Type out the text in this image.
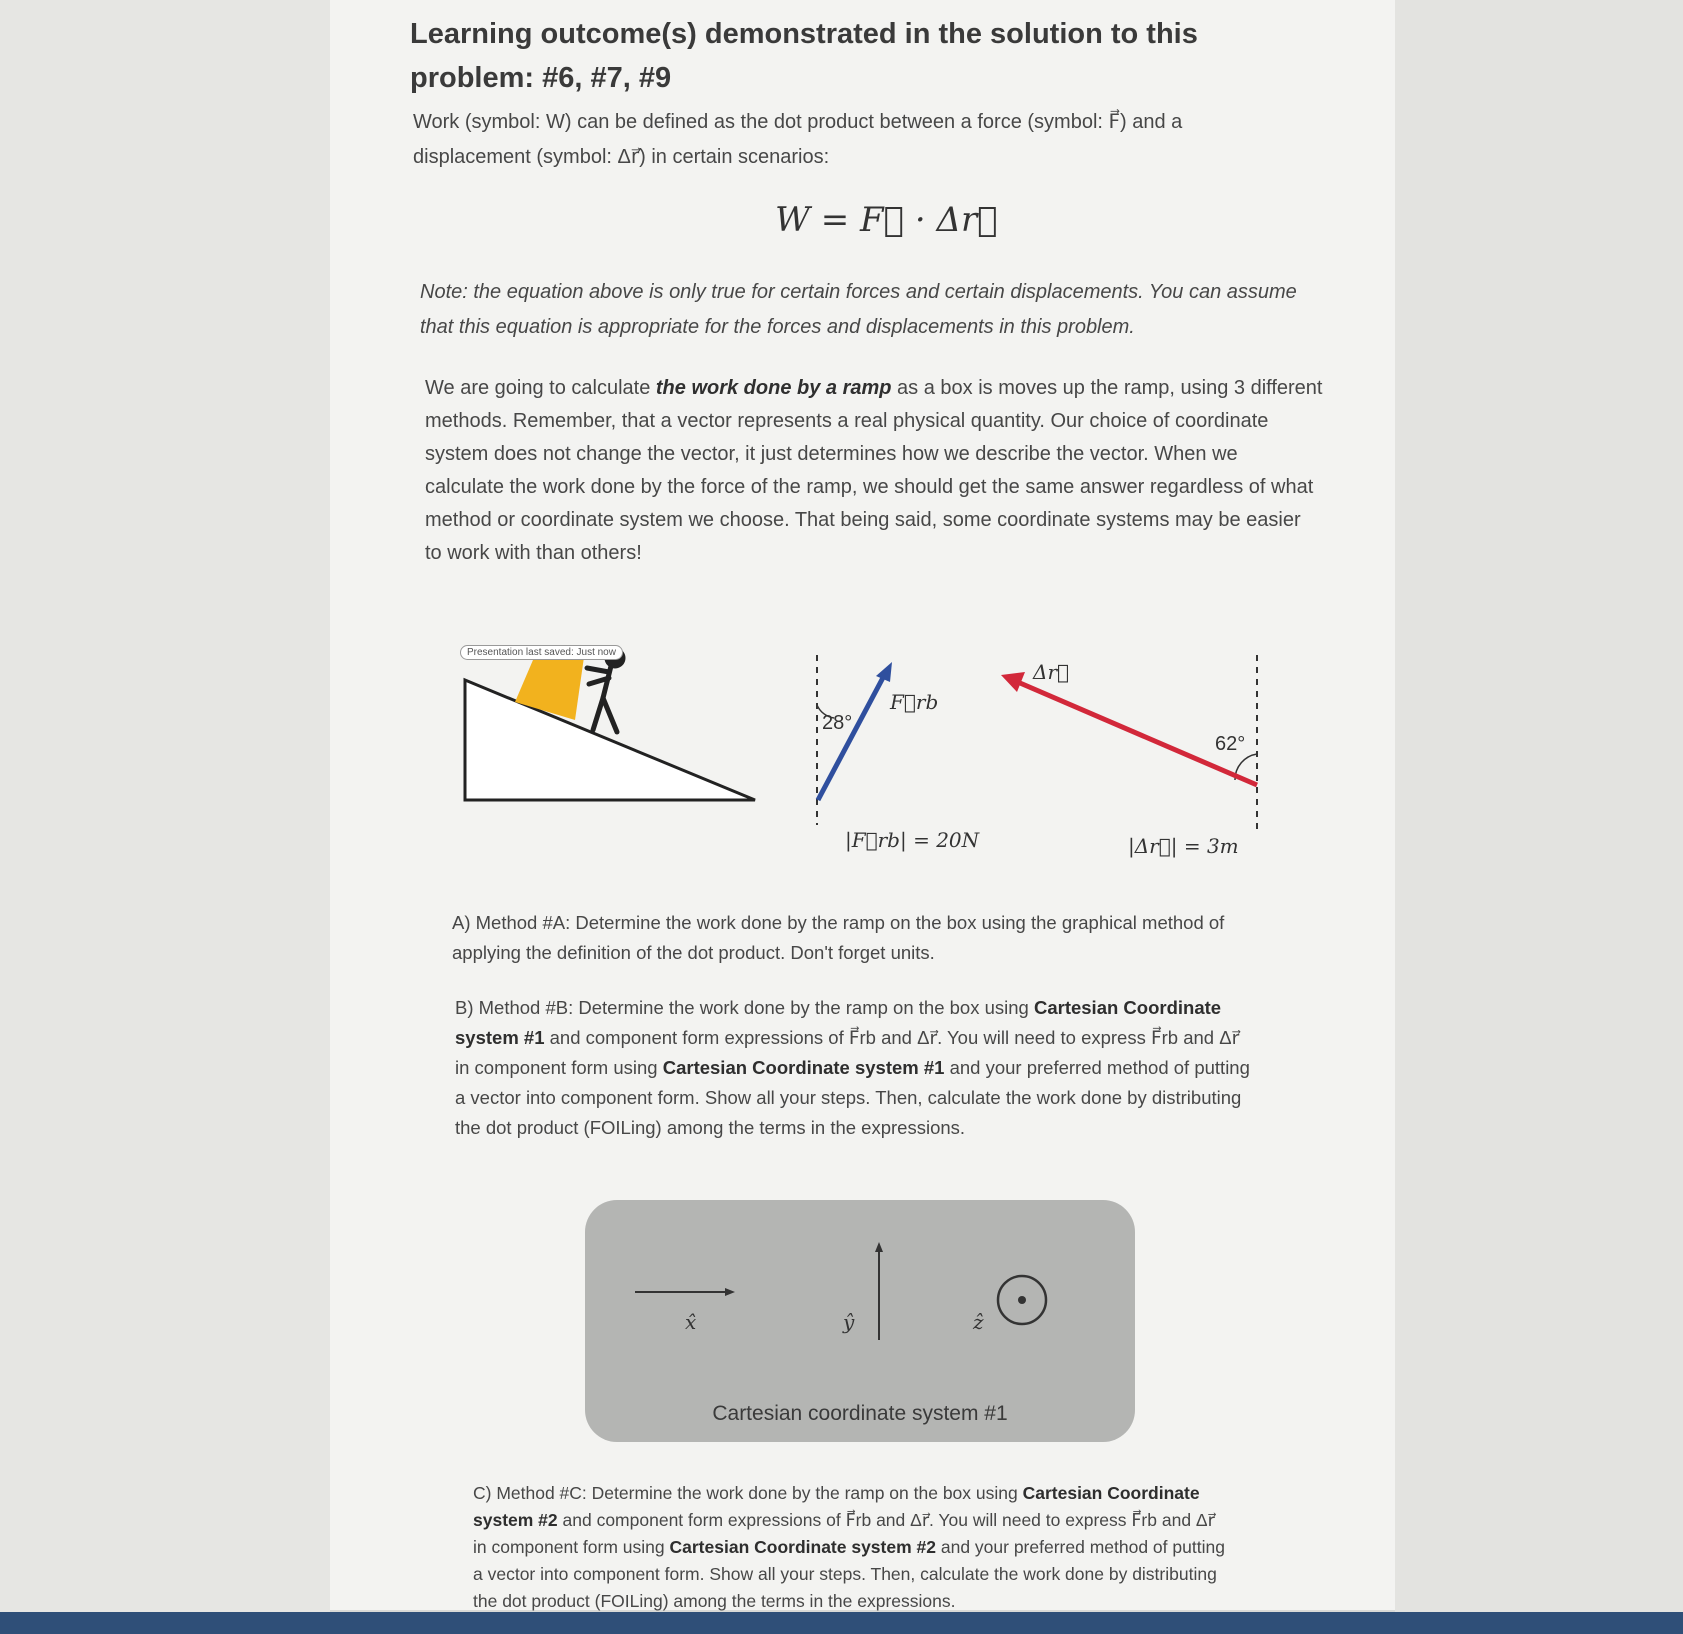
Learning outcome(s) demonstrated in the solution to this problem: #6, #7, #9
Work (symbol: W) can be defined as the dot product between a force (symbol: F⃗) and a
displacement (symbol: Δr⃗) in certain scenarios:
W = F⃗ · Δr⃗
Note: the equation above is only true for certain forces and certain displacements. You can assume
that this equation is appropriate for the forces and displacements in this problem.
We are going to calculate the work done by a ramp as a box is moves up the ramp, using 3 different
methods. Remember, that a vector represents a real physical quantity. Our choice of coordinate
system does not change the vector, it just determines how we describe the vector. When we
calculate the work done by the force of the ramp, we should get the same answer regardless of what
method or coordinate system we choose. That being said, some coordinate systems may be easier
to work with than others!
Presentation last saved: Just now
28°
F⃗rb
|F⃗rb| = 20N
Δr⃗
62°
|Δr⃗| = 3m
A) Method #A: Determine the work done by the ramp on the box using the graphical method of
applying the definition of the dot product. Don't forget units.
B) Method #B: Determine the work done by the ramp on the box using Cartesian Coordinate
system #1 and component form expressions of F⃗rb and Δr⃗. You will need to express F⃗rb and Δr⃗
in component form using Cartesian Coordinate system #1 and your preferred method of putting
a vector into component form. Show all your steps. Then, calculate the work done by distributing
the dot product (FOILing) among the terms in the expressions.
x̂	ŷ	ẑ
Cartesian coordinate system #1
C) Method #C: Determine the work done by the ramp on the box using Cartesian Coordinate
system #2 and component form expressions of F⃗rb and Δr⃗. You will need to express F⃗rb and Δr⃗
in component form using Cartesian Coordinate system #2 and your preferred method of putting
a vector into component form. Show all your steps. Then, calculate the work done by distributing
the dot product (FOILing) among the terms in the expressions.
